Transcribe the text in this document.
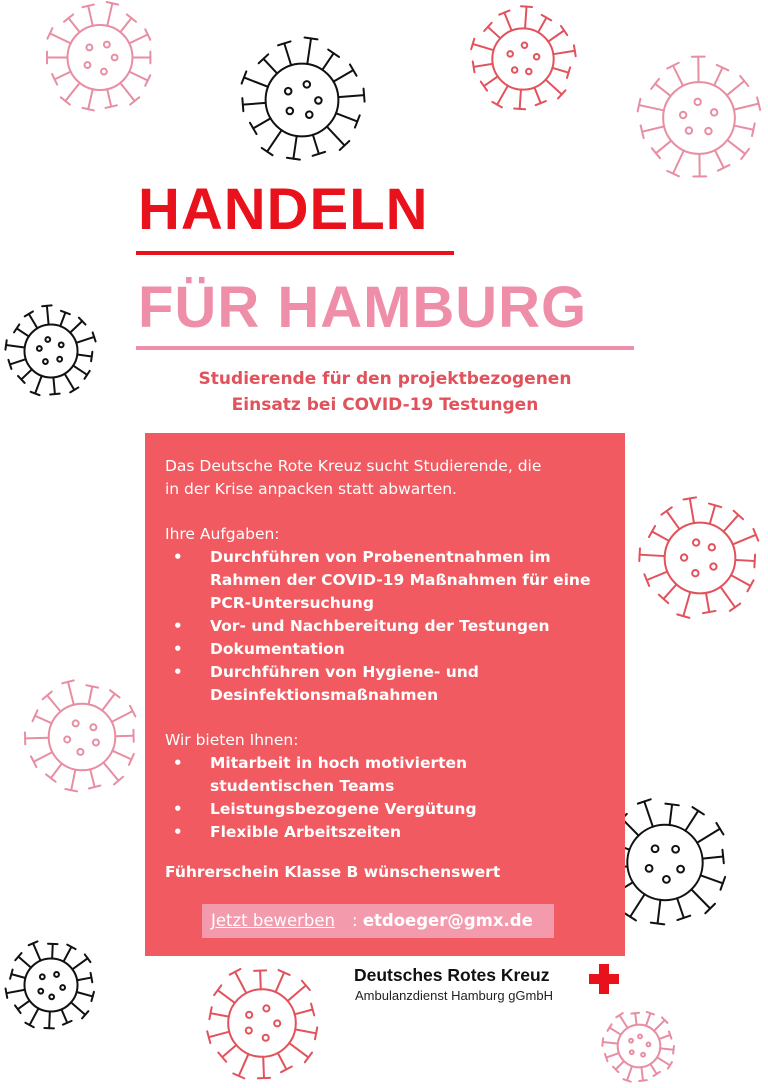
HANDELN
FÜR HAMBURG
Studierende für den projektbezogenen
Einsatz bei COVID-19 Testungen
Das Deutsche Rote Kreuz sucht Studierende, die
in der Krise anpacken statt abwarten.
Ihre Aufgaben:
• Durchführen von Probenentnahmen im
Rahmen der COVID-19 Maßnahmen für eine
PCR-Untersuchung
• Vor- und Nachbereitung der Testungen
• Dokumentation
• Durchführen von Hygiene- und
Desinfektionsmaßnahmen
Wir bieten Ihnen:
• Mitarbeit in hoch motivierten
studentischen Teams
• Leistungsbezogene Vergütung
• Flexible Arbeitszeiten
Führerschein Klasse B wünschenswert
Jetzt bewerben : etdoeger@gmx.de
Deutsches Rotes Kreuz
Ambulanzdienst Hamburg gGmbH
